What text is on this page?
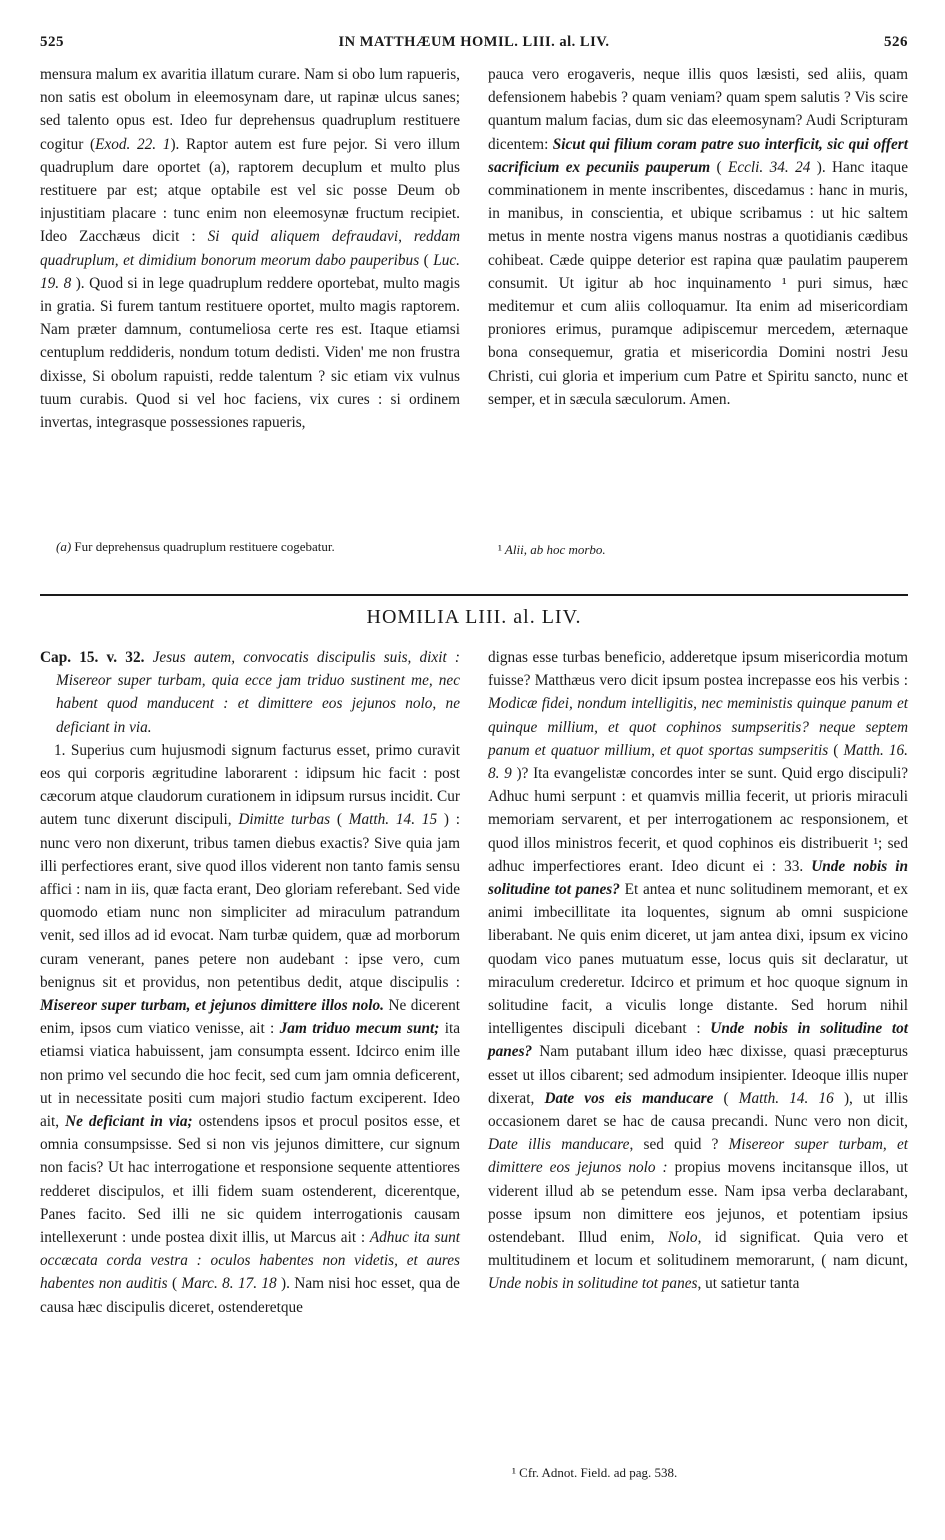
525	IN MATTHÆUM HOMIL. LIII. al. LIV.	526

mensura malum ex avaritia illatum curare. Nam si obo lum rapueris, non satis est obolum in eleemosynam dare, ut rapinæ ulcus sanes; sed talento opus est. Ideo fur deprehensus quadruplum restituere cogitur (Exod. 22. 1). Raptor autem est fure pejor. Si vero illum quadruplum dare oportet (a), raptorem decuplum et multo plus restituere par est; atque optabile est vel sic posse Deum ob injustitiam placare : tunc enim non eleemosynæ fructum recipiet. Ideo Zacchæus dicit : Si quid aliquem defraudavi, reddam quadruplum, et dimidium bonorum meorum dabo pauperibus ( Luc. 19. 8 ). Quod si in lege quadruplum reddere oportebat, multo magis in gratia. Si furem tantum restituere oportet, multo magis raptorem. Nam præter damnum, contumeliosa certe res est. Itaque etiamsi centuplum reddideris, nondum totum dedisti. Viden' me non frustra dixisse, Si obolum rapuisti, redde talentum ? sic etiam vix vulnus tuum curabis. Quod si vel hoc faciens, vix cures : si ordinem invertas, integrasque possessiones rapueris,

pauca vero erogaveris, neque illis quos læsisti, sed aliis, quam defensionem habebis ? quam veniam? quam spem salutis ? Vis scire quantum malum facias, dum sic das eleemosynam? Audi Scripturam dicentem: Sicut qui filium coram patre suo interficit, sic qui offert sacrificium ex pecuniis pauperum ( Eccli. 34. 24 ). Hanc itaque comminationem in mente inscribentes, discedamus : hanc in muris, in manibus, in conscientia, et ubique scribamus : ut hic saltem metus in mente nostra vigens manus nostras a quotidianis cædibus cohibeat. Cæde quippe deterior est rapina quæ paulatim pauperem consumit. Ut igitur ab hoc inquinamento ¹ puri simus, hæc meditemur et cum aliis colloquamur. Ita enim ad misericordiam proniores erimus, puramque adipiscemur mercedem, æternaque bona consequemur, gratia et misericordia Domini nostri Jesu Christi, cui gloria et imperium cum Patre et Spiritu sancto, nunc et semper, et in sæcula sæculorum. Amen.

(a) Fur deprehensus quadruplum restituere cogebatur.	¹ Alii, ab hoc morbo.
HOMILIA LIII. al. LIV.

Cap. 15. v. 32. Jesus autem, convocatis discipulis suis, dixit : Misereor super turbam, quia ecce jam triduo sustinent me, nec habent quod manducent : et dimittere eos jejunos nolo, ne deficiant in via.

1. Superius cum hujusmodi signum facturus esset, primo curavit eos qui corporis ægritudine laborarent : idipsum hic facit : post cæcorum atque claudorum curationem in idipsum rursus incidit. Cur autem tunc dixerunt discipuli, Dimitte turbas ( Matth. 14. 15 ) : nunc vero non dixerunt, tribus tamen diebus exactis? Sive quia jam illi perfectiores erant, sive quod illos viderent non tanto famis sensu affici : nam in iis, quæ facta erant, Deo gloriam referebant. Sed vide quomodo etiam nunc non simpliciter ad miraculum patrandum venit, sed illos ad id evocat. Nam turbæ quidem, quæ ad morborum curam venerant, panes petere non audebant : ipse vero, cum benignus sit et providus, non petentibus dedit, atque discipulis : Misereor super turbam, et jejunos dimittere illos nolo. Ne dicerent enim, ipsos cum viatico venisse, ait : Jam triduo mecum sunt; ita etiamsi viatica habuissent, jam consumpta essent. Idcirco enim ille non primo vel secundo die hoc fecit, sed cum jam omnia deficerent, ut in necessitate positi cum majori studio factum exciperent. Ideo ait, Ne deficiant in via; ostendens ipsos et procul positos esse, et omnia consumpsisse. Sed si non vis jejunos dimittere, cur signum non facis? Ut hac interrogatione et responsione sequente attentiores redderet discipulos, et illi fidem suam ostenderent, dicerentque, Panes facito. Sed illi ne sic quidem interrogationis causam intellexerunt : unde postea dixit illis, ut Marcus ait : Adhuc ita sunt occæcata corda vestra : oculos habentes non videtis, et aures habentes non auditis ( Marc. 8. 17. 18 ). Nam nisi hoc esset, qua de causa hæc discipulis diceret, ostenderetque

dignas esse turbas beneficio, adderetque ipsum misericordia motum fuisse? Matthæus vero dicit ipsum postea increpasse eos his verbis : Modicæ fidei, nondum intelligitis, nec meministis quinque panum et quinque millium, et quot cophinos sumpseritis? neque septem panum et quatuor millium, et quot sportas sumpseritis ( Matth. 16. 8. 9 )? Ita evangelistæ concordes inter se sunt. Quid ergo discipuli? Adhuc humi serpunt : et quamvis millia fecerit, ut prioris miraculi memoriam servarent, et per interrogationem ac responsionem, et quod illos ministros fecerit, et quod cophinos eis distribuerit ¹; sed adhuc imperfectiores erant. Ideo dicunt ei : 33. Unde nobis in solitudine tot panes? Et antea et nunc solitudinem memorant, et ex animi imbecillitate ita loquentes, signum ab omni suspicione liberabant. Ne quis enim diceret, ut jam antea dixi, ipsum ex vicino quodam vico panes mutuatum esse, locus quis sit declaratur, ut miraculum crederetur. Idcirco et primum et hoc quoque signum in solitudine facit, a viculis longe distante. Sed horum nihil intelligentes discipuli dicebant : Unde nobis in solitudine tot panes? Nam putabant illum ideo hæc dixisse, quasi præcepturus esset ut illos cibarent; sed admodum insipienter. Ideoque illis nuper dixerat, Date vos eis manducare ( Matth. 14. 16 ), ut illis occasionem daret se hac de causa precandi. Nunc vero non dicit, Date illis manducare, sed quid ? Misereor super turbam, et dimittere eos jejunos nolo : propius movens incitansque illos, ut viderent illud ab se petendum esse. Nam ipsa verba declarabant, posse ipsum non dimittere eos jejunos, et potentiam ipsius ostendebant. Illud enim, Nolo, id significat. Quia vero et multitudinem et locum et solitudinem memorarunt, ( nam dicunt, Unde nobis in solitudine tot panes, ut satietur tanta

¹ Cfr. Adnot. Field. ad pag. 538.
